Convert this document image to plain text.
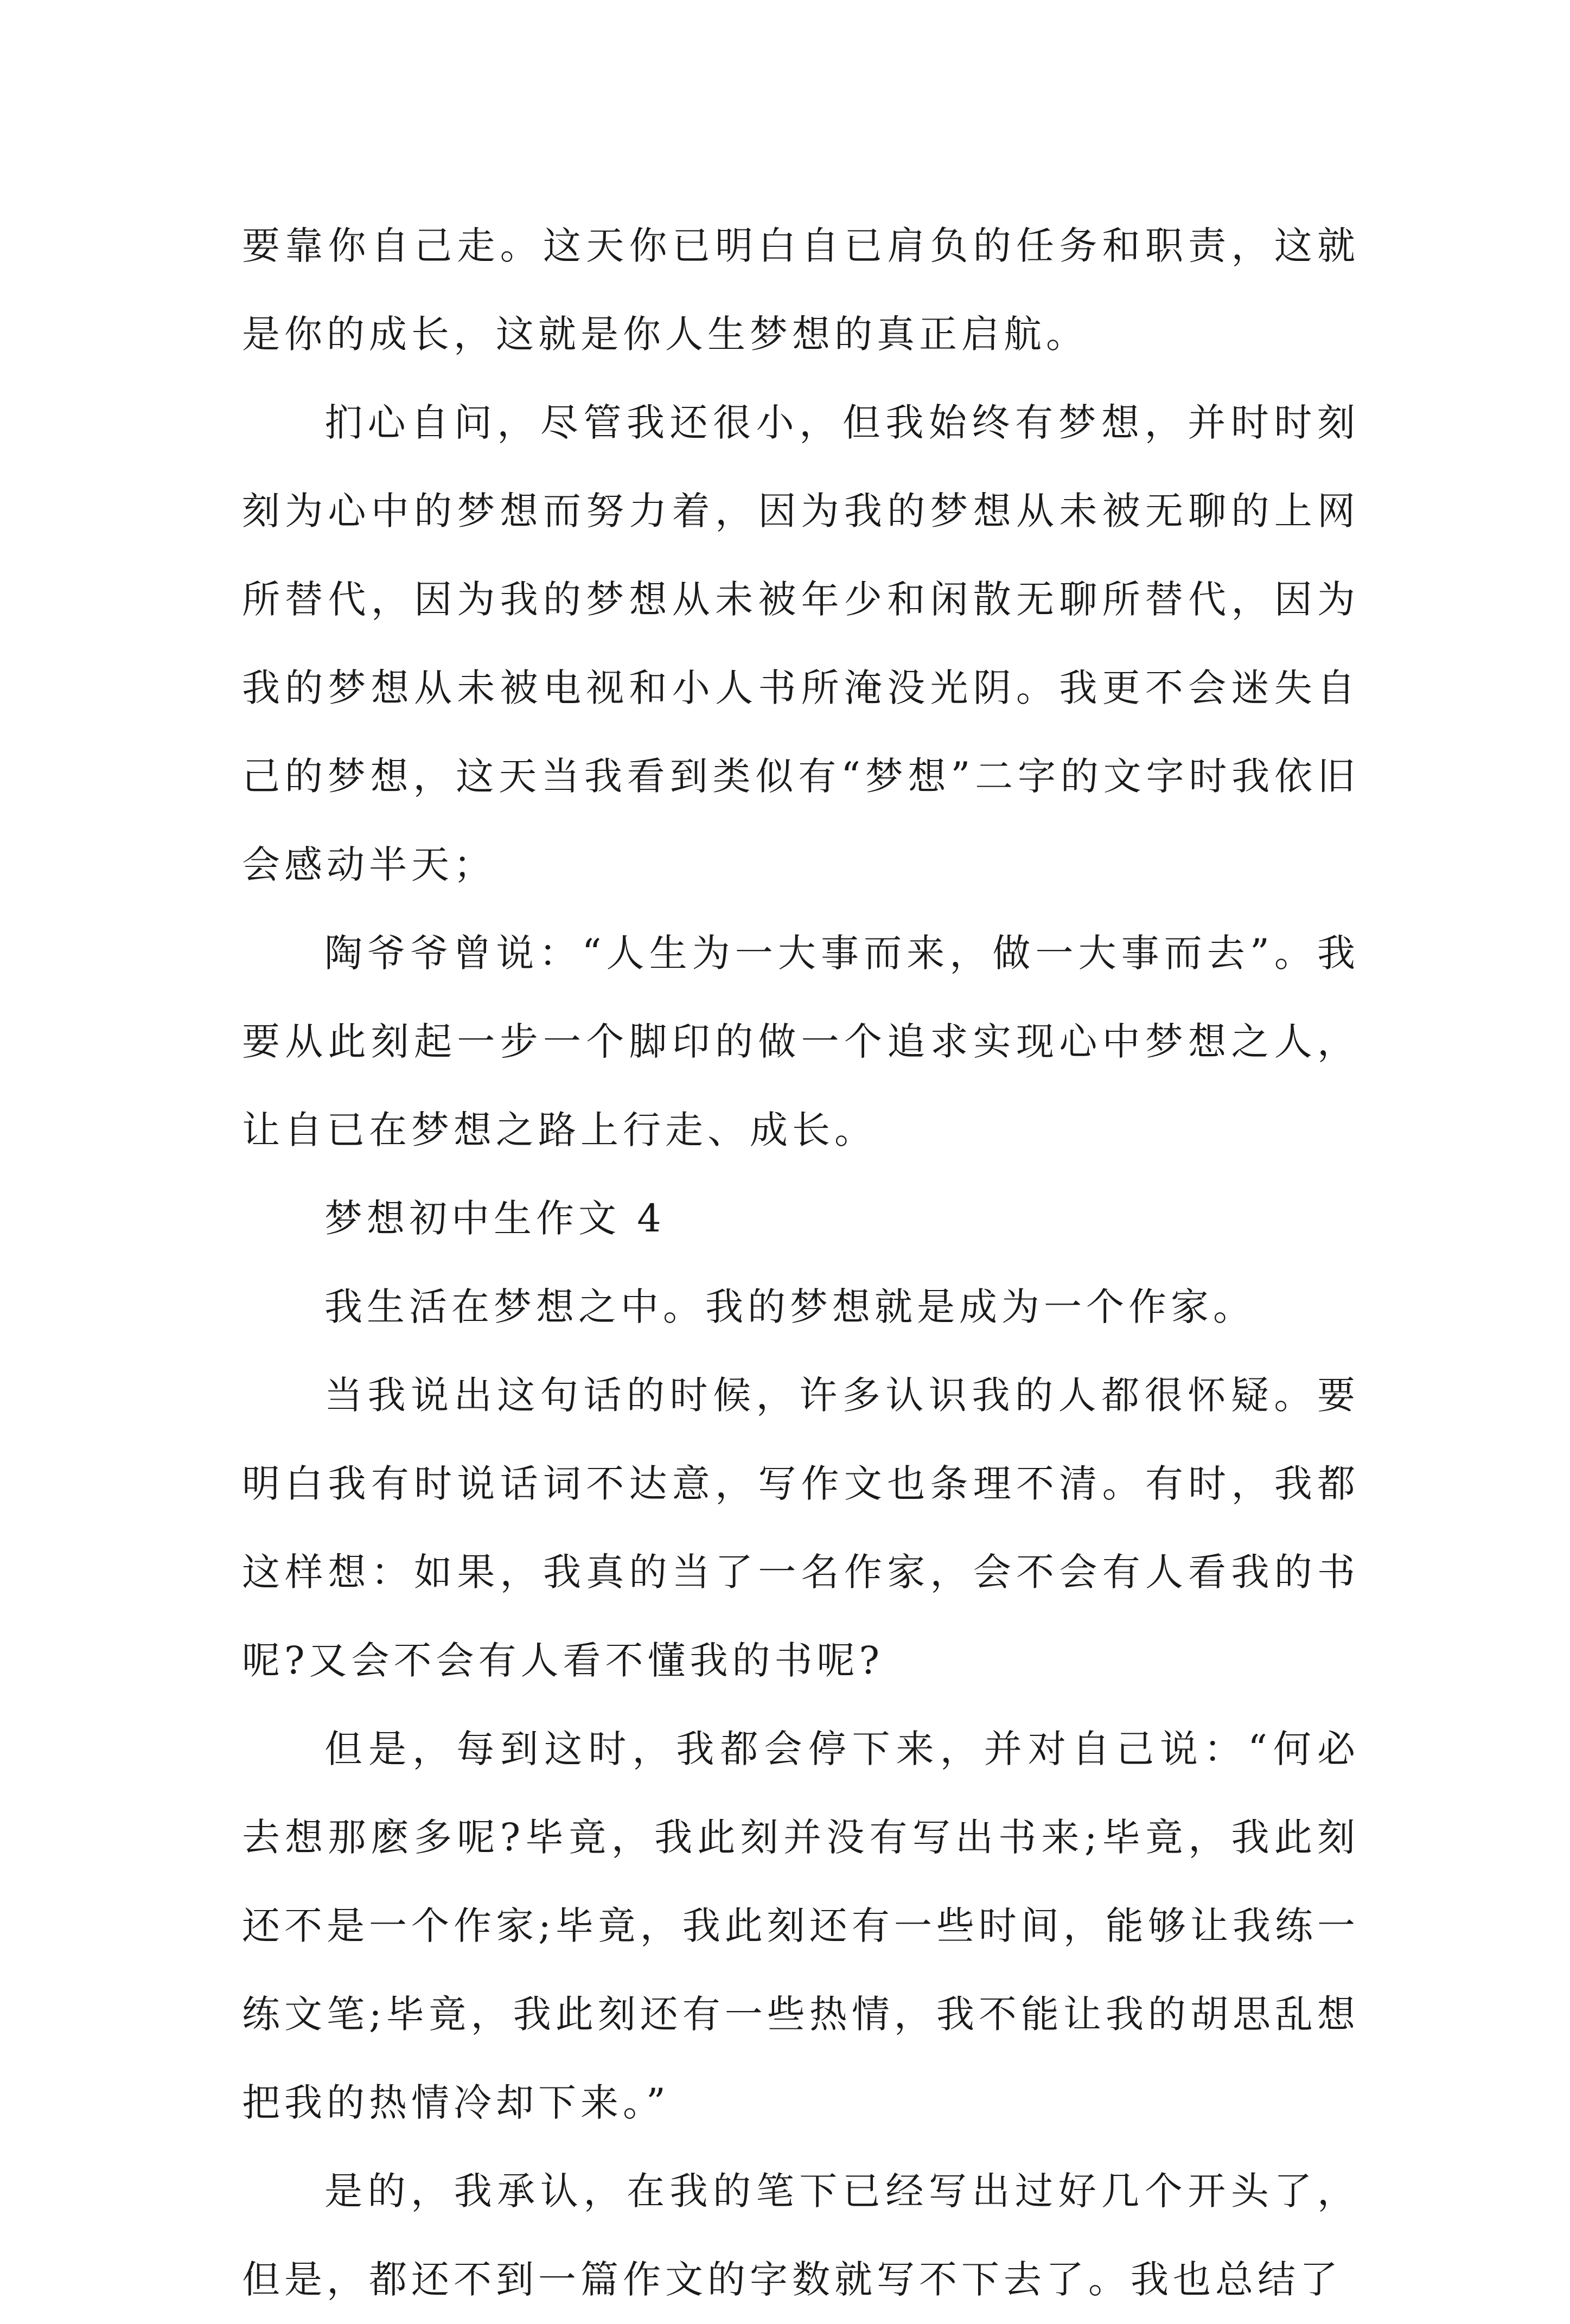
要靠你自己走。这天你已明白自已肩负的任务和职责，这就是你的成长，这就是你人生梦想的真正启航。

扪心自问，尽管我还很小，但我始终有梦想，并时时刻刻为心中的梦想而努力着，因为我的梦想从未被无聊的上网所替代，因为我的梦想从未被年少和闲散无聊所替代，因为我的梦想从未被电视和小人书所淹没光阴。我更不会迷失自己的梦想，这天当我看到类似有“梦想”二字的文字时我依旧会感动半天；

陶爷爷曾说：“人生为一大事而来，做一大事而去”。我要从此刻起一步一个脚印的做一个追求实现心中梦想之人，让自已在梦想之路上行走、成长。

梦想初中生作文 4

我生活在梦想之中。我的梦想就是成为一个作家。

当我说出这句话的时候，许多认识我的人都很怀疑。要明白我有时说话词不达意，写作文也条理不清。有时，我都这样想：如果，我真的当了一名作家，会不会有人看我的书呢?又会不会有人看不懂我的书呢?

但是，每到这时，我都会停下来，并对自己说：“何必去想那麽多呢?毕竟，我此刻并没有写出书来;毕竟，我此刻还不是一个作家;毕竟，我此刻还有一些时间，能够让我练一练文笔;毕竟，我此刻还有一些热情，我不能让我的胡思乱想把我的热情冷却下来。”

是的，我承认，在我的笔下已经写出过好几个开头了，但是，都还不到一篇作文的字数就写不下去了。我也总结了
